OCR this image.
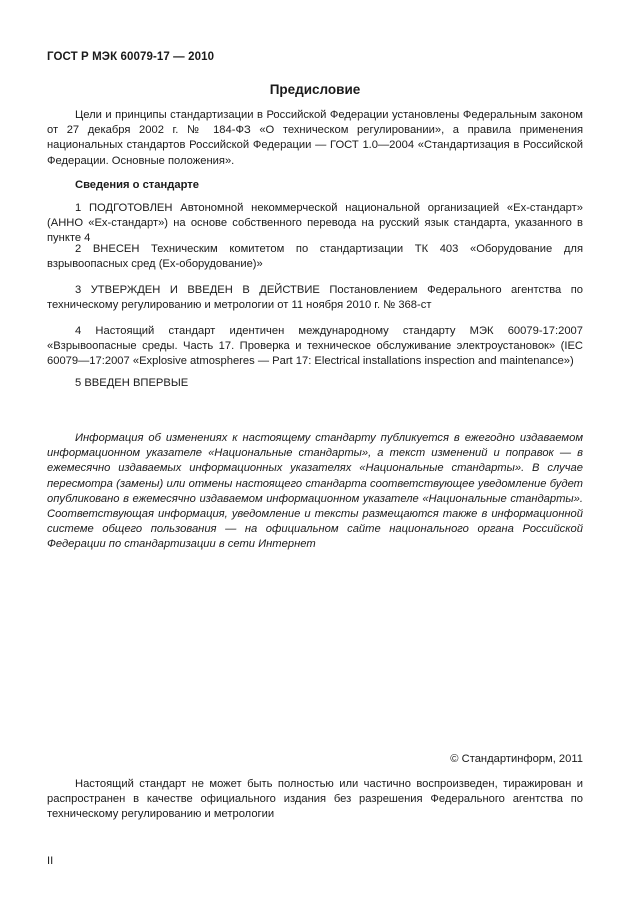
ГОСТ Р МЭК 60079-17 — 2010
Предисловие

Цели и принципы стандартизации в Российской Федерации установлены Федеральным законом от 27 декабря 2002 г. № 184-ФЗ «О техническом регулировании», а правила применения национальных стандартов Российской Федерации — ГОСТ 1.0—2004 «Стандартизация в Российской Федерации. Основные положения».

Сведения о стандарте

1 ПОДГОТОВЛЕН Автономной некоммерческой национальной организацией «Ех-стандарт» (АННО «Ех-стандарт») на основе собственного перевода на русский язык стандарта, указанного в пункте 4

2 ВНЕСЕН Техническим комитетом по стандартизации ТК 403 «Оборудование для взрывоопасных сред (Ех-оборудование)»

3 УТВЕРЖДЕН И ВВЕДЕН В ДЕЙСТВИЕ Постановлением Федерального агентства по техническому регулированию и метрологии от 11 ноября 2010 г. № 368-ст

4 Настоящий стандарт идентичен международному стандарту МЭК 60079-17:2007 «Взрывоопасные среды. Часть 17. Проверка и техническое обслуживание электроустановок» (IEC 60079—17:2007 «Explosive atmospheres — Part 17: Electrical installations inspection and maintenance»)

5 ВВЕДЕН ВПЕРВЫЕ

Информация об изменениях к настоящему стандарту публикуется в ежегодно издаваемом информационном указателе «Национальные стандарты», а текст изменений и поправок — в ежемесячно издаваемых информационных указателях «Национальные стандарты». В случае пересмотра (замены) или отмены настоящего стандарта соответствующее уведомление будет опубликовано в ежемесячно издаваемом информационном указателе «Национальные стандарты». Соответствующая информация, уведомление и тексты размещаются также в информационной системе общего пользования — на официальном сайте национального органа Российской Федерации по стандартизации в сети Интернет

© Стандартинформ, 2011

Настоящий стандарт не может быть полностью или частично воспроизведен, тиражирован и распространен в качестве официального издания без разрешения Федерального агентства по техническому регулированию и метрологии

II
